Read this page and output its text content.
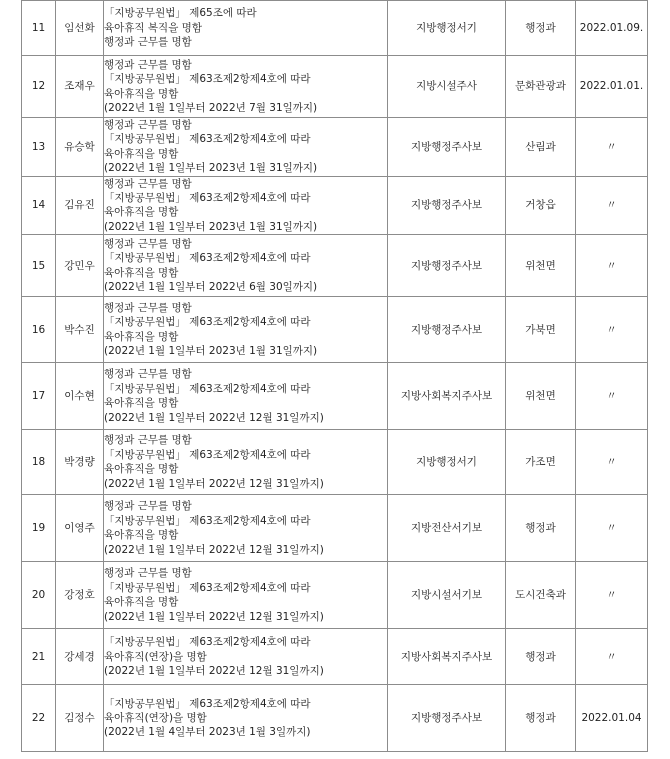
11	임선화	「지방공무원법」 제65조에 따라
육아휴직 복직을 명함
행정과 근무를 명함	지방행정서기	행정과	2022.01.09.
12	조재우	행정과 근무를 명함
「지방공무원법」 제63조제2항제4호에 따라
육아휴직을 명함
(2022년 1월 1일부터 2022년 7월 31일까지)	지방시설주사	문화관광과	2022.01.01.
13	유승학	행정과 근무를 명함
「지방공무원법」 제63조제2항제4호에 따라
육아휴직을 명함
(2022년 1월 1일부터 2023년 1월 31일까지)	지방행정주사보	산림과	〃
14	김유진	행정과 근무를 명함
「지방공무원법」 제63조제2항제4호에 따라
육아휴직을 명함
(2022년 1월 1일부터 2023년 1월 31일까지)	지방행정주사보	거창읍	〃
15	강민우	행정과 근무를 명함
「지방공무원법」 제63조제2항제4호에 따라
육아휴직을 명함
(2022년 1월 1일부터 2022년 6월 30일까지)	지방행정주사보	위천면	〃
16	박수진	행정과 근무를 명함
「지방공무원법」 제63조제2항제4호에 따라
육아휴직을 명함
(2022년 1월 1일부터 2023년 1월 31일까지)	지방행정주사보	가북면	〃
17	이수현	행정과 근무를 명함
「지방공무원법」 제63조제2항제4호에 따라
육아휴직을 명함
(2022년 1월 1일부터 2022년 12월 31일까지)	지방사회복지주사보	위천면	〃
18	박경량	행정과 근무를 명함
「지방공무원법」 제63조제2항제4호에 따라
육아휴직을 명함
(2022년 1월 1일부터 2022년 12월 31일까지)	지방행정서기	가조면	〃
19	이영주	행정과 근무를 명함
「지방공무원법」 제63조제2항제4호에 따라
육아휴직을 명함
(2022년 1월 1일부터 2022년 12월 31일까지)	지방전산서기보	행정과	〃
20	강정호	행정과 근무를 명함
「지방공무원법」 제63조제2항제4호에 따라
육아휴직을 명함
(2022년 1월 1일부터 2022년 12월 31일까지)	지방시설서기보	도시건축과	〃
21	강세경	「지방공무원법」 제63조제2항제4호에 따라
육아휴직(연장)을 명함
(2022년 1월 1일부터 2022년 12월 31일까지)	지방사회복지주사보	행정과	〃
22	김정수	「지방공무원법」 제63조제2항제4호에 따라
육아휴직(연장)을 명함
(2022년 1월 4일부터 2023년 1월 3일까지)	지방행정주사보	행정과	2022.01.04
